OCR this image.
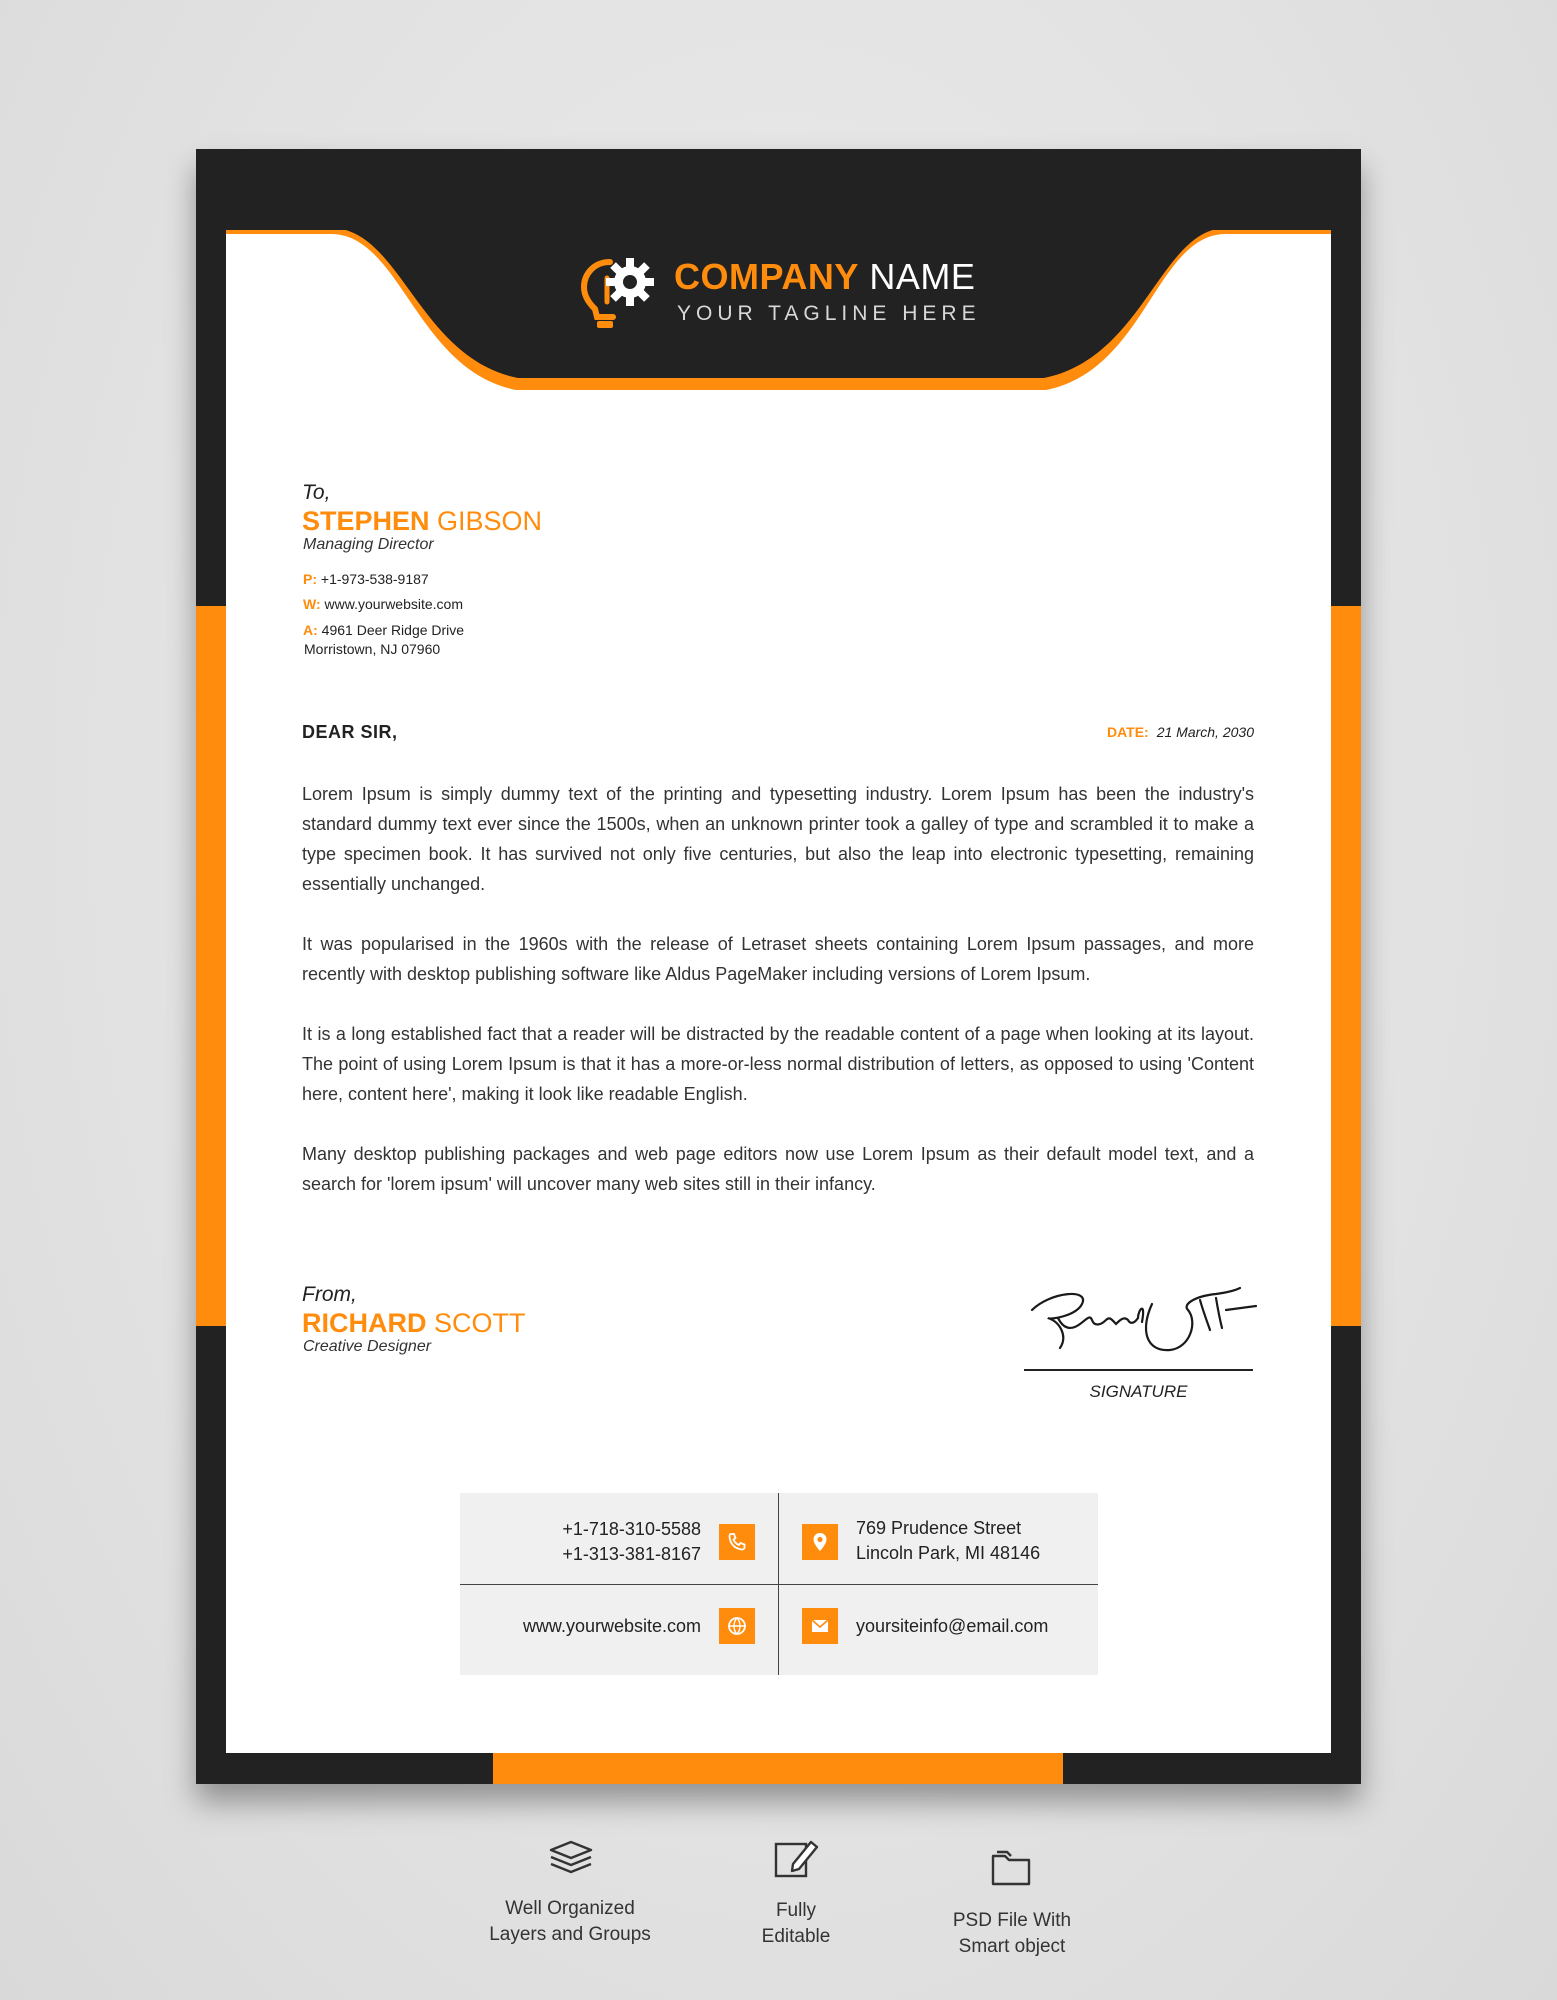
COMPANY NAME
YOUR TAGLINE HERE
To,
STEPHEN GIBSON
Managing Director
P: +1-973-538-9187
W: www.yourwebsite.com
A: 4961 Deer Ridge Drive
Morristown, NJ 07960
DEAR SIR,	DATE: 21 March, 2030

Lorem Ipsum is simply dummy text of the printing and typesetting industry. Lorem Ipsum has been the industry's standard dummy text ever since the 1500s, when an unknown printer took a galley of type and scrambled it to make a type specimen book. It has survived not only five centuries, but also the leap into electronic typesetting, remaining essentially unchanged.

It was popularised in the 1960s with the release of Letraset sheets containing Lorem Ipsum passages, and more recently with desktop publishing software like Aldus PageMaker including versions of Lorem Ipsum.

It is a long established fact that a reader will be distracted by the readable content of a page when looking at its layout. The point of using Lorem Ipsum is that it has a more-or-less normal distribution of letters, as opposed to using 'Content here, content here', making it look like readable English.

Many desktop publishing packages and web page editors now use Lorem Ipsum as their default model text, and a search for 'lorem ipsum' will uncover many web sites still in their infancy.

From,
RICHARD SCOTT
Creative Designer
SIGNATURE
+1-718-310-5588
+1-313-381-8167
www.yourwebsite.com
769 Prudence Street
Lincoln Park, MI 48146
yoursiteinfo@email.com
Well Organized
Layers and Groups
Fully
Editable
PSD File With
Smart object
